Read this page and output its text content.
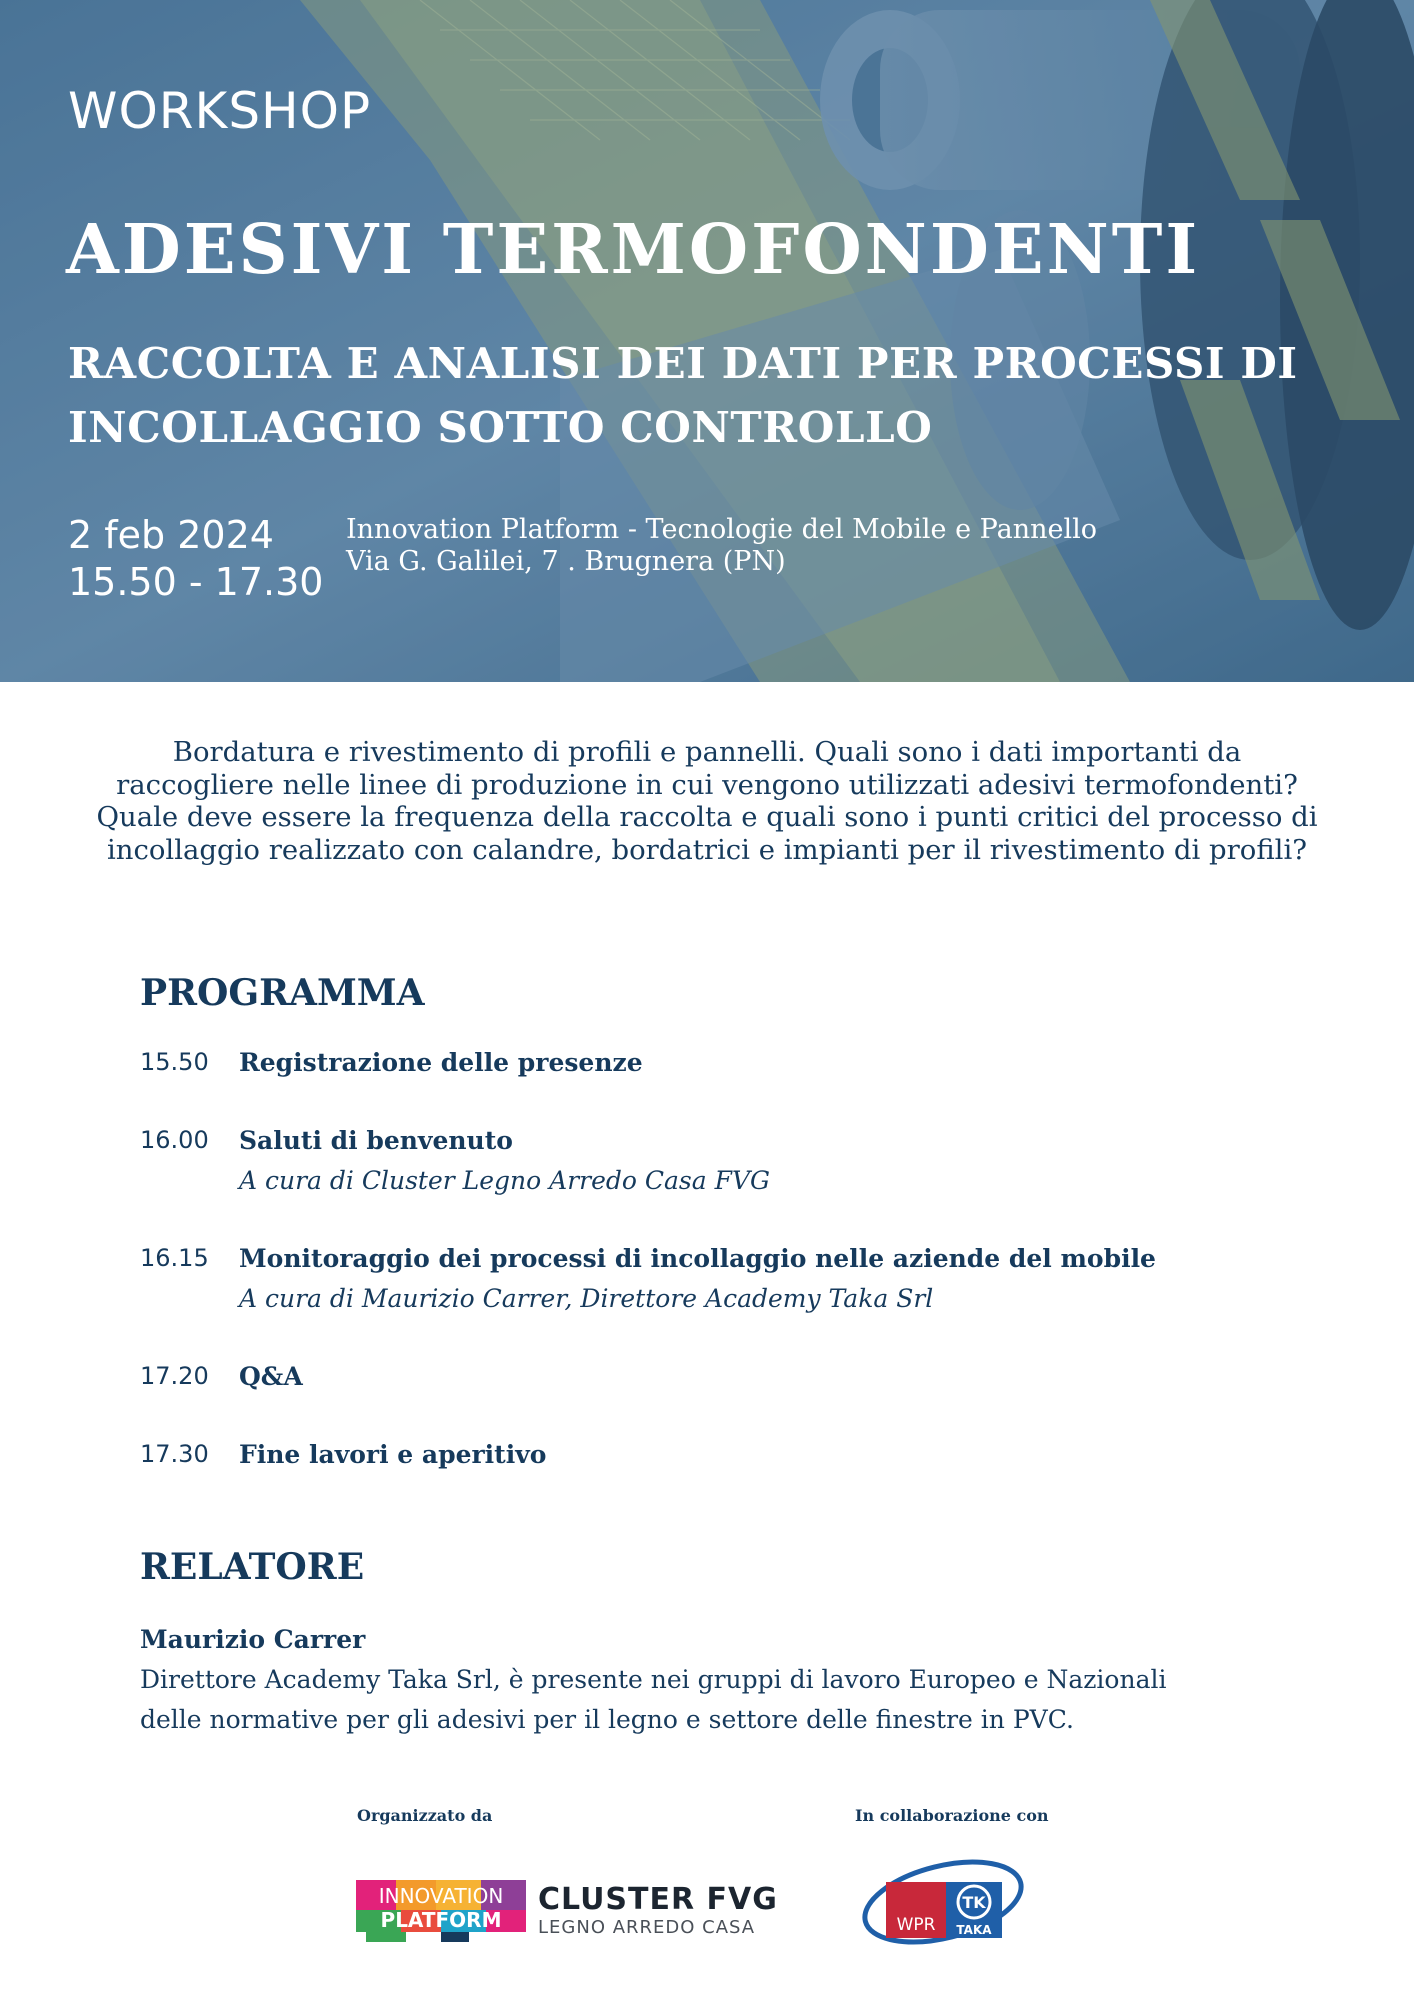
WORKSHOP
ADESIVI TERMOFONDENTI
RACCOLTA E ANALISI DEI DATI PER PROCESSI DI INCOLLAGGIO SOTTO CONTROLLO
2 feb 2024
15.50 - 17.30
Innovation Platform - Tecnologie del Mobile e Pannello
Via G. Galilei, 7 . Brugnera (PN)
Bordatura e rivestimento di profili e pannelli. Quali sono i dati importanti da
raccogliere nelle linee di produzione in cui vengono utilizzati adesivi termofondenti?
Quale deve essere la frequenza della raccolta e quali sono i punti critici del processo di
incollaggio realizzato con calandre, bordatrici e impianti per il rivestimento di profili?
PROGRAMMA
15.50 Registrazione delle presenze
16.00 Saluti di benvenuto
A cura di Cluster Legno Arredo Casa FVG
16.15 Monitoraggio dei processi di incollaggio nelle aziende del mobile
A cura di Maurizio Carrer, Direttore Academy Taka Srl
17.20 Q&A
17.30 Fine lavori e aperitivo
RELATORE
Maurizio Carrer
Direttore Academy Taka Srl, è presente nei gruppi di lavoro Europeo e Nazionali
delle normative per gli adesivi per il legno e settore delle finestre in PVC.
Organizzato da	In collaborazione con
INNOVATION
PLATFORM
CLUSTER FVG
LEGNO ARREDO CASA	WPR
TK
TAKA
